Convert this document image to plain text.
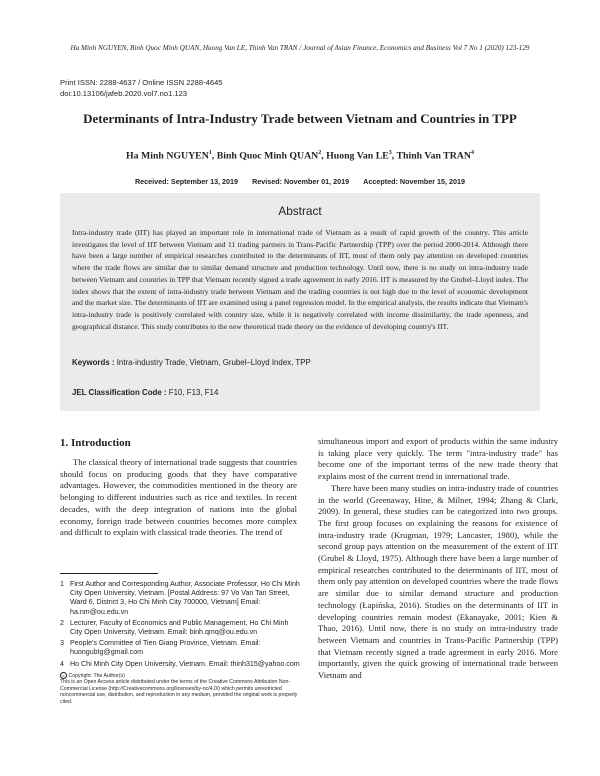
Ha Minh NGUYEN, Binh Quoc Minh QUAN, Huong Van LE, Thinh Van TRAN / Journal of Asian Finance, Economics and Business Vol 7 No 1 (2020) 123-129
Print ISSN: 2288-4637 / Online ISSN 2288-4645
doi:10.13106/jafeb.2020.vol7.no1.123
Determinants of Intra-Industry Trade between Vietnam and Countries in TPP
Ha Minh NGUYEN$^1$, Binh Quoc Minh QUAN$^2$, Huong Van $LE^3$, Thinh Van TRAN$^4$
Received: September 13, 2019 Revised: November 01, 2019 Accepted: November 15, 2019
Abstract
Intra-industry trade (IIT) has played an important role in international trade of Vietnam as a result of rapid growth of the country. This article investigates the level of IIT between Vietnam and 11 trading partners in Trans-Pacific Partnership (TPP) over the period 2000-2014. Although there have been a large number of empirical researches contributed to the determinants of IIT, most of them only pay attention on developed countries where the trade flows are similar due to similar demand structure and production technology. Until now, there is no study on intra-industry trade between Vietnam and countries in TPP that Vietnam recently signed a trade agreement in early 2016. IIT is measured by the Grubel–Lloyd index. The index shows that the extent of intra-industry trade between Vietnam and the trading countries is not high due to the level of economic development and the market size. The determinants of IIT are examined using a panel regression model. In the empirical analysis, the results indicate that Vietnam's intra-industry trade is positively correlated with country size, while it is negatively correlated with income dissimilarity, the trade openness, and geographical distance. This study contributes to the new theoretical trade theory on the evidence of developing country's IIT.
Keywords : Intra-industry Trade, Vietnam, Grubel–Lloyd Index, TPP
JEL Classification Code : F10, F13, F14
1. Introduction

The classical theory of international trade suggests that countries should focus on producing goods that they have comparative advantages. However, the commodities mentioned in the theory are belonging to different industries such as rice and textiles. In recent decades, with the deep integration of nations into the global economy, foreign trade between countries becomes more complex and difficult to explain with classical trade theories. The trend of

simultaneous import and export of products within the same industry is taking place very quickly. The term "intra-industry trade" has become one of the important terms of the new trade theory that explains most of the current trend in international trade.

There have been many studies on intra-industry trade of countries in the world (Greenaway, Hine, & Milner, 1994; Zhang & Clark, 2009). In general, these studies can be categorized into two groups. The first group focuses on explaining the reasons for existence of intra-industry trade (Krugman, 1979; Lancaster, 1980), while the second group pays attention on the measurement of the extent of IIT (Grubel & Lloyd, 1975). Although there have been a large number of empirical researches contributed to the determinants of IIT, most of them only pay attention on developed countries where the trade flows are similar due to similar demand structure and production technology (Łapińska, 2016). Studies on the determinants of IIT in developing countries remain modest (Ekanayake, 2001; Kien & Thao, 2016). Until now, there is no study on intra-industry trade between Vietnam and countries in Trans-Pacific Partnership (TPP) that Vietnam recently signed a trade agreement in early 2016. More importantly, given the quick growing of international trade between Vietnam and

1 First Author and Corresponding Author, Associate Professor, Ho Chi Minh City Open University, Vietnam. [Postal Address: 97 Vo Van Tan Street, Ward 6, District 3, Ho Chi Minh City 700000, Vietnam] Email: ha.nm@ou.edu.vn
2 Lecturer, Faculty of Economics and Public Management, Ho Chi Minh City Open University, Vietnam. Email: binh.qmq@ou.edu.vn
3 People's Committee of Tien Giang Province, Vietnam. Email: huongubtg@gmail.com
4 Ho Chi Minh City Open University, Vietnam. Email: thinh315@yahoo.com
c Copyright: The Author(s)
This is an Open Access article distributed under the terms of the Creative Commons Attribution Non-Commercial License (http://Creativecommons.org/licenses/by-nc/4.0/) which permits unrestricted noncommercial use, distribution, and reproduction in any medium, provided the original work is properly cited.
